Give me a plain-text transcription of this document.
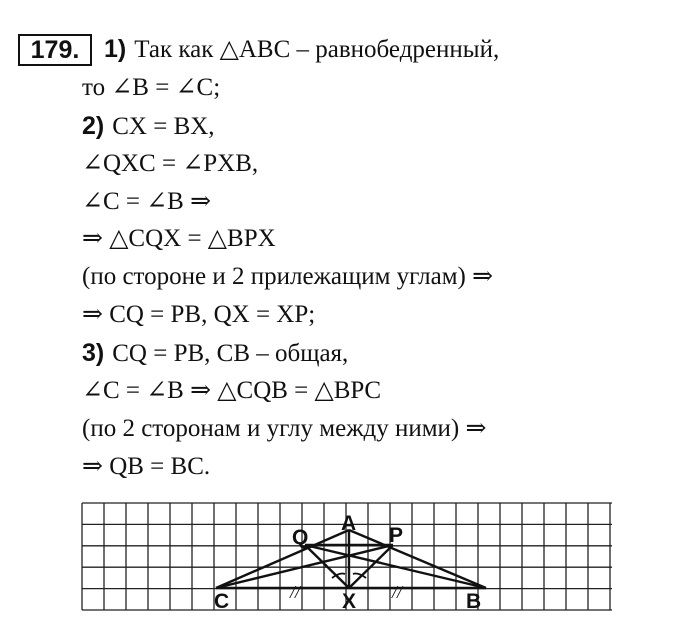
179. 1) Так как △ABC – равнобедренный,
то ∠B = ∠C;
2) CX = BX,
∠QXC = ∠PXB,
∠C = ∠B ⇒
⇒ △CQX = △BPX
(по стороне и 2 прилежащим углам) ⇒
⇒ CQ = PB, QX = XP;
3) CQ = PB, CB – общая,
∠C = ∠B ⇒ △CQB = △BPC
(по 2 сторонам и углу между ними) ⇒
⇒ QB = BC.
//	//
Q
A
P
C	X	B
